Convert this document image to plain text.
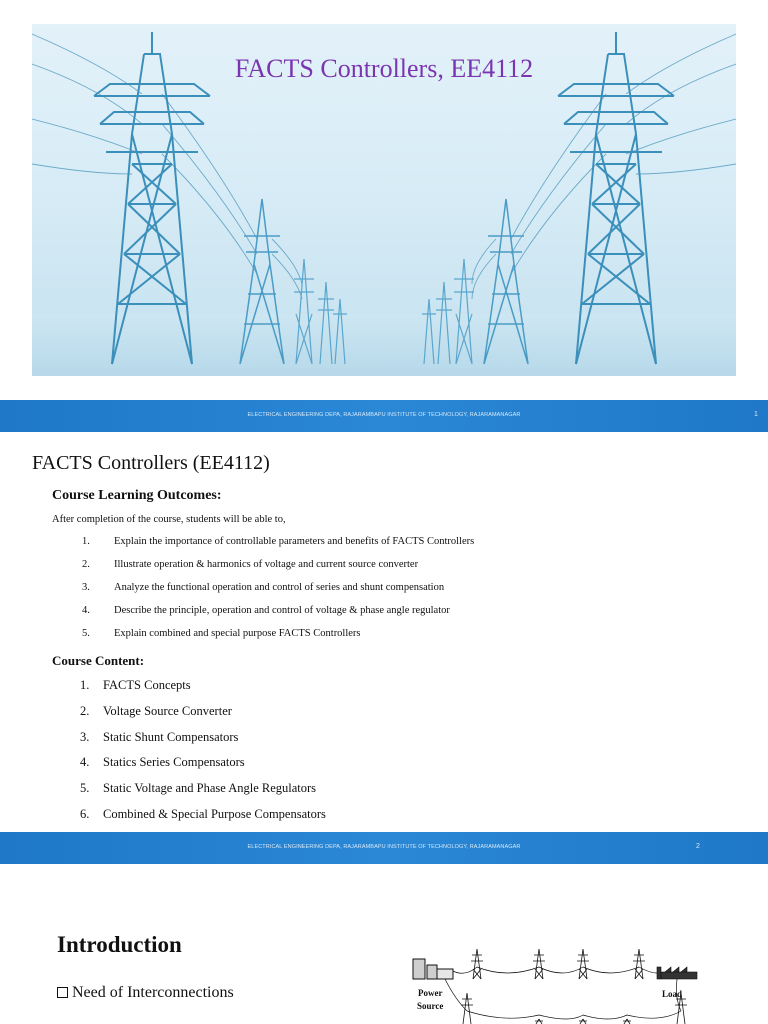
FACTS Controllers, EE4112
ELECTRICAL ENGINEERING DEPA, RAJARAMBAPU INSTITUTE OF TECHNOLOGY, RAJARAMANAGAR	1
FACTS Controllers (EE4112)
Course Learning Outcomes:
After completion of the course, students will be able to,
1.	Explain the importance of controllable parameters and benefits of FACTS Controllers
2.	Illustrate operation & harmonics of voltage and current source converter
3.	Analyze the functional operation and control of series and shunt compensation
4.	Describe the principle, operation and control of voltage & phase angle regulator
5.	Explain combined and special purpose FACTS Controllers
Course Content:
1.	FACTS Concepts
2.	Voltage Source Converter
3.	Static Shunt Compensators
4.	Statics Series Compensators
5.	Static Voltage and Phase Angle Regulators
6.	Combined & Special Purpose Compensators
ELECTRICAL ENGINEERING DEPA, RAJARAMBAPU INSTITUTE OF TECHNOLOGY, RAJARAMANAGAR	2
Introduction
Need of Interconnections	Power
Source
Load
